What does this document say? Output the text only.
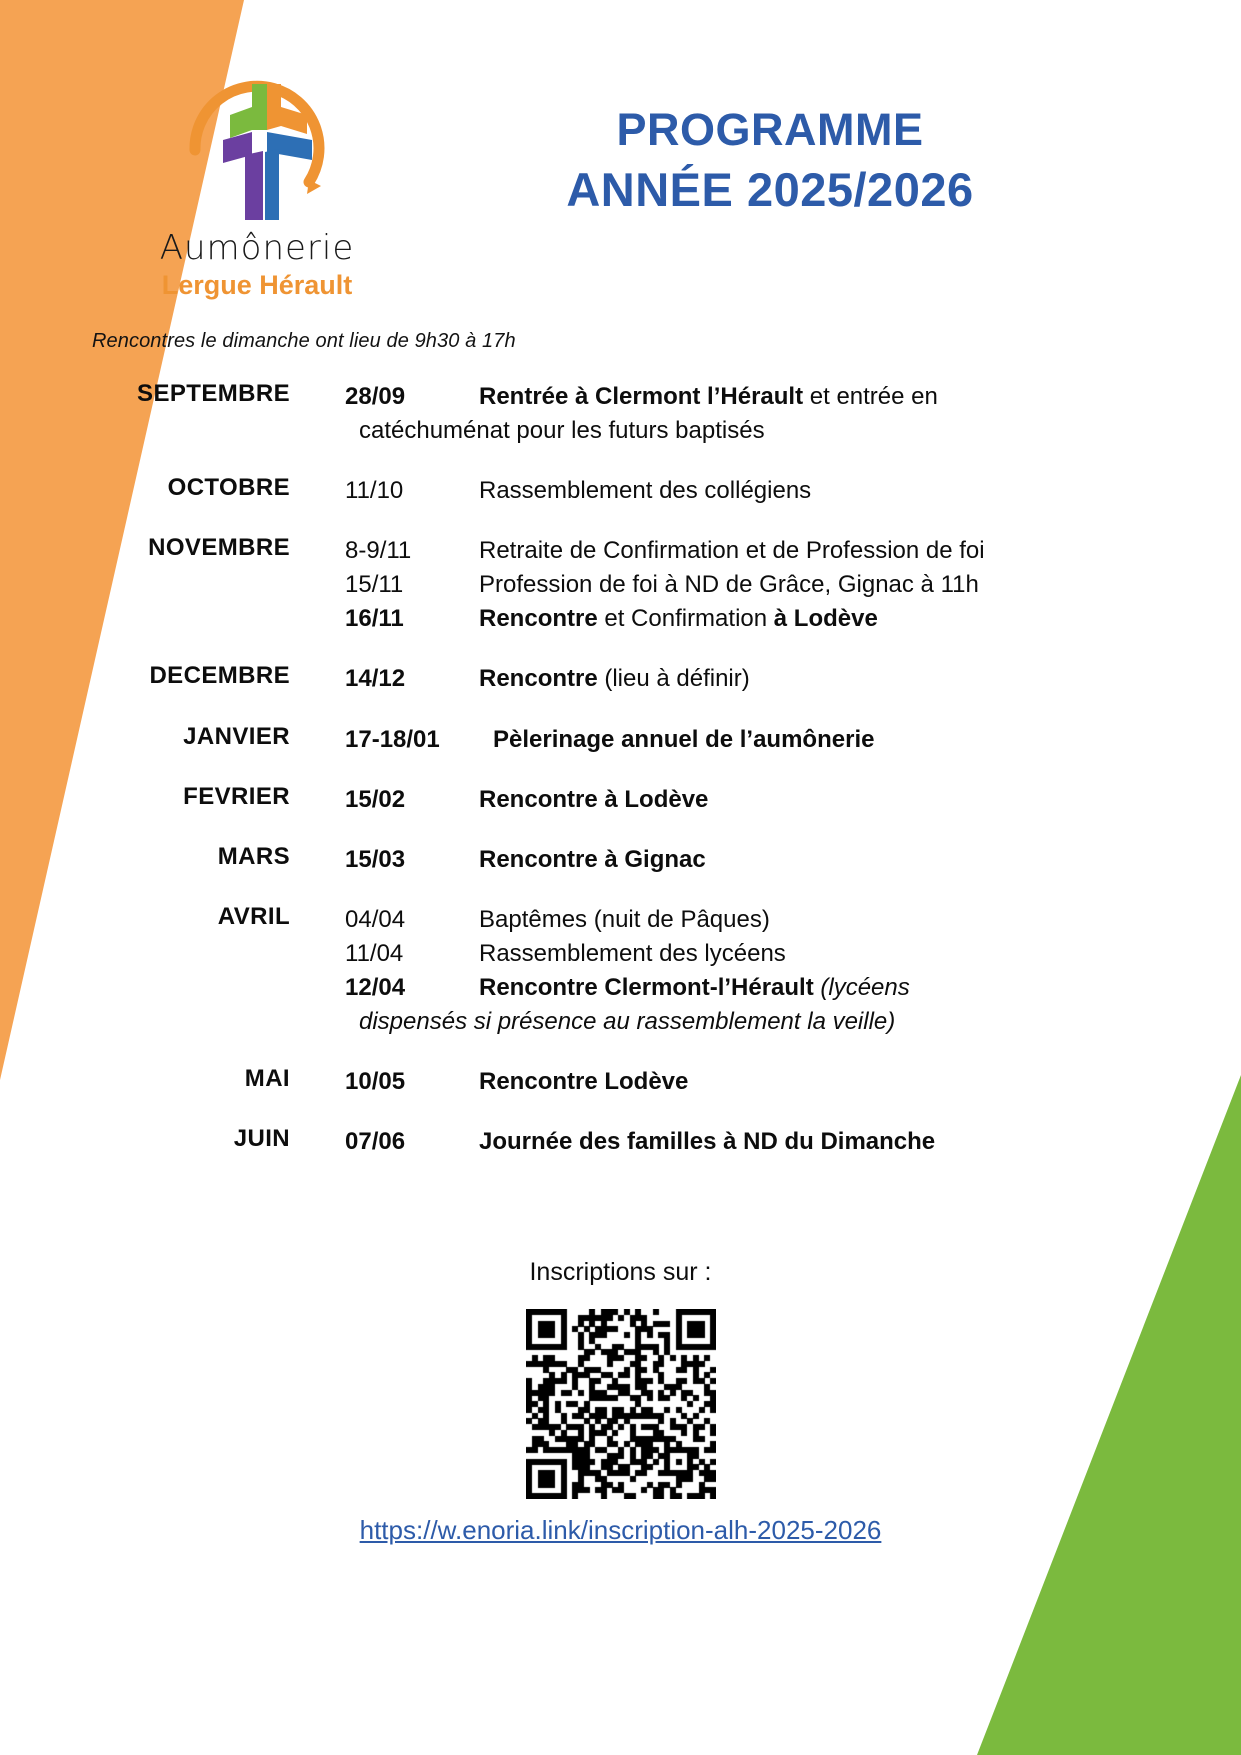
Aumônerie
Lergue Hérault
PROGRAMME
ANNÉE 2025/2026
Rencontres le dimanche ont lieu de 9h30 à 17h
SEPTEMBRE	28/09	Rentrée à Clermont l’Hérault et entrée en
catéchuménat pour les futurs baptisés
OCTOBRE	11/10	Rassemblement des collégiens
NOVEMBRE	8-9/11	Retraite de Confirmation et de Profession de foi
15/11	Profession de foi à ND de Grâce, Gignac à 11h
16/11	Rencontre et Confirmation à Lodève
DECEMBRE	14/12	Rencontre (lieu à définir)
JANVIER	17-18/01	Pèlerinage annuel de l’aumônerie
FEVRIER	15/02	Rencontre à Lodève
MARS	15/03	Rencontre à Gignac
AVRIL	04/04	Baptêmes (nuit de Pâques)
11/04	Rassemblement des lycéens
12/04	Rencontre Clermont-l’Hérault (lycéens
dispensés si présence au rassemblement la veille)
MAI	10/05	Rencontre Lodève
JUIN	07/06	Journée des familles à ND du Dimanche
Inscriptions sur :
https://w.enoria.link/inscription-alh-2025-2026
